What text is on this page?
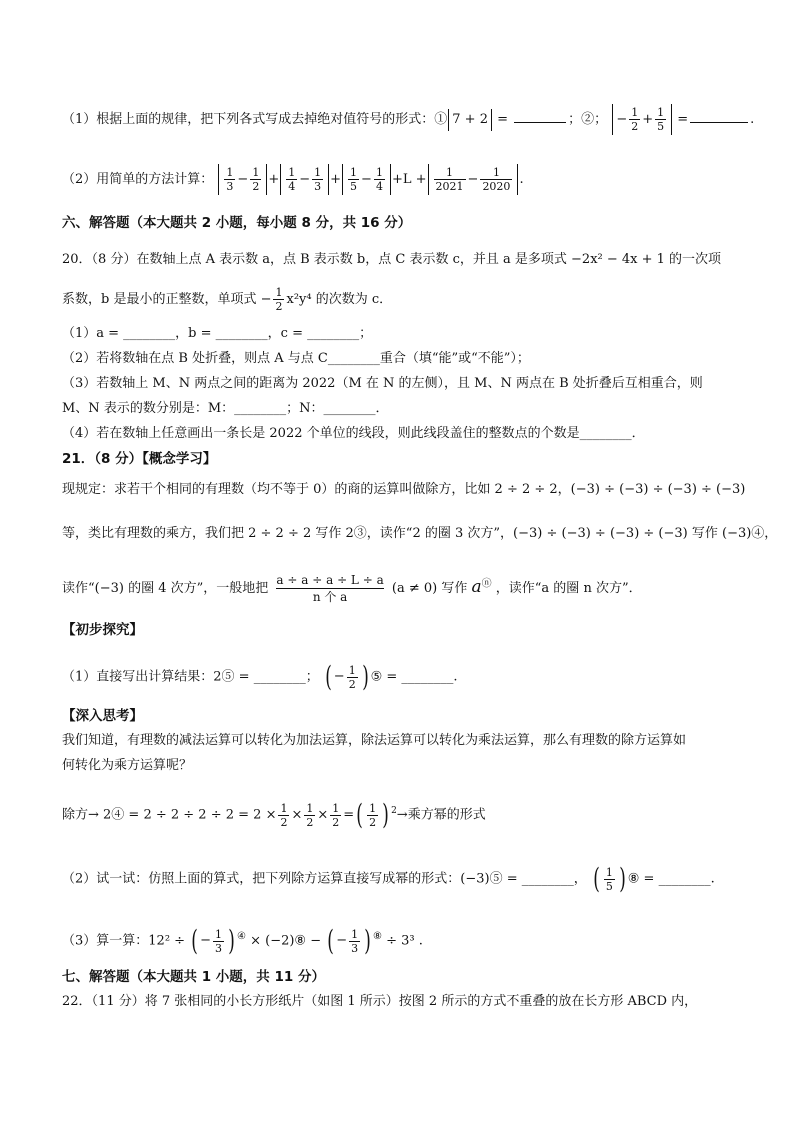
（1）根据上面的规律，把下列各式写成去掉绝对值符号的形式：① 7 + 2 =	；②； − $\frac{1}{2} + \frac{1}{5}$ =	.
（2）用简单的方法计算： $\frac{1}{3} - \frac{1}{2} + \frac{1}{4} - \frac{1}{3} + \frac{1}{5} - \frac{1}{4} +L + \frac{1}{2021} - \frac{1}{2020}$ .
六、解答题（本大题共 2 小题，每小题 8 分，共 16 分）
20．（8 分）在数轴上点 A 表示数 a，点 B 表示数 b，点 C 表示数 c，并且 a 是多项式 −2x² − 4x + 1 的一次项
系数，b 是最小的正整数，单项式 − $\frac{1}{2} x^2y^4$ 的次数为 c．
（1）a = ________，b = ________，c = ________；
（2）若将数轴在点 B 处折叠，则点 A 与点 C________重合（填“能”或“不能”）；
（3）若数轴上 M、N 两点之间的距离为 2022（M 在 N 的左侧），且 M、N 两点在 B 处折叠后互相重合，则
M、N 表示的数分别是：M：________；N：________．
（4）若在数轴上任意画出一条长是 2022 个单位的线段，则此线段盖住的整数点的个数是________．
21．（8 分）【概念学习】
现规定：求若干个相同的有理数（均不等于 0）的商的运算叫做除方，比如 2 ÷ 2 ÷ 2，(−3) ÷ (−3) ÷ (−3) ÷ (−3)
等，类比有理数的乘方，我们把 2 ÷ 2 ÷ 2 写作 2③，读作“2 的圈 3 次方”，(−3) ÷ (−3) ÷ (−3) ÷ (−3) 写作 (−3)④，
读作“(−3) 的圈 4 次方”，一般地把 $\frac{a \div a \div a \div L \div a}{\text{n 个 a}} (a \ne 0)$ 写作 aⓝ ，读作“a 的圈 n 次方”．
【初步探究】
（1）直接写出计算结果：2⑤ = ________； ( − $\frac{1}{2}$ ) ⑤ = ________.
【深入思考】
我们知道，有理数的减法运算可以转化为加法运算，除法运算可以转化为乘法运算，那么有理数的除方运算如
何转化为乘方运算呢？
除方→ 2④ = $2 \div 2 \div 2 \div 2 = 2 \times \frac{1}{2} \times \frac{1}{2} \times \frac{1}{2}$ = ( $\frac{1}{2}$ ) $^2$→乘方幂的形式
（2）试一试：仿照上面的算式，把下列除方运算直接写成幂的形式：(−3)⑤ = ________， ( $\frac{1}{5}$ ) ⑧ = ________.
（3）算一算：12² ÷ ( − $\frac{1}{3}$ ) ④ × (−2)⑧ − ( − $\frac{1}{3}$ ) ⑧ ÷ 3³ .
七、解答题（本大题共 1 小题，共 11 分）
22．（11 分）将 7 张相同的小长方形纸片（如图 1 所示）按图 2 所示的方式不重叠的放在长方形 ABCD 内，
